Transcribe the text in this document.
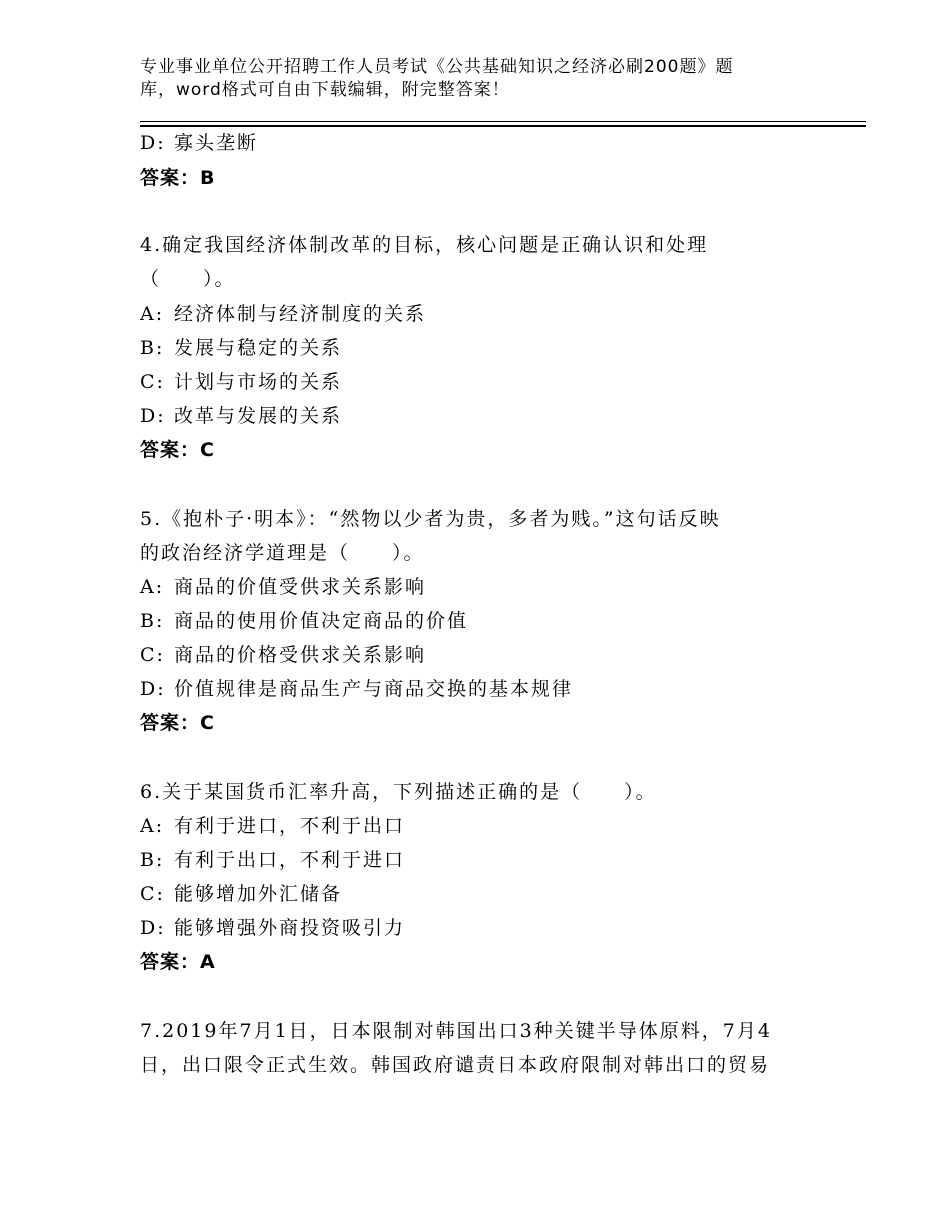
专业事业单位公开招聘工作人员考试《公共基础知识之经济必刷200题》题
库，word格式可自由下载编辑，附完整答案！
D: 寡头垄断
答案：B
4.确定我国经济体制改革的目标，核心问题是正确认识和处理
（　　）。
A: 经济体制与经济制度的关系
B: 发展与稳定的关系
C: 计划与市场的关系
D: 改革与发展的关系
答案：C
5.《抱朴子·明本》：“然物以少者为贵，多者为贱。”这句话反映
的政治经济学道理是（　　）。
A: 商品的价值受供求关系影响
B: 商品的使用价值决定商品的价值
C: 商品的价格受供求关系影响
D: 价值规律是商品生产与商品交换的基本规律
答案：C
6.关于某国货币汇率升高，下列描述正确的是（　　）。
A: 有利于进口，不利于出口
B: 有利于出口，不利于进口
C: 能够增加外汇储备
D: 能够增强外商投资吸引力
答案：A
7.2019年7月1日，日本限制对韩国出口3种关键半导体原料，7月4
日，出口限令正式生效。韩国政府谴责日本政府限制对韩出口的贸易
